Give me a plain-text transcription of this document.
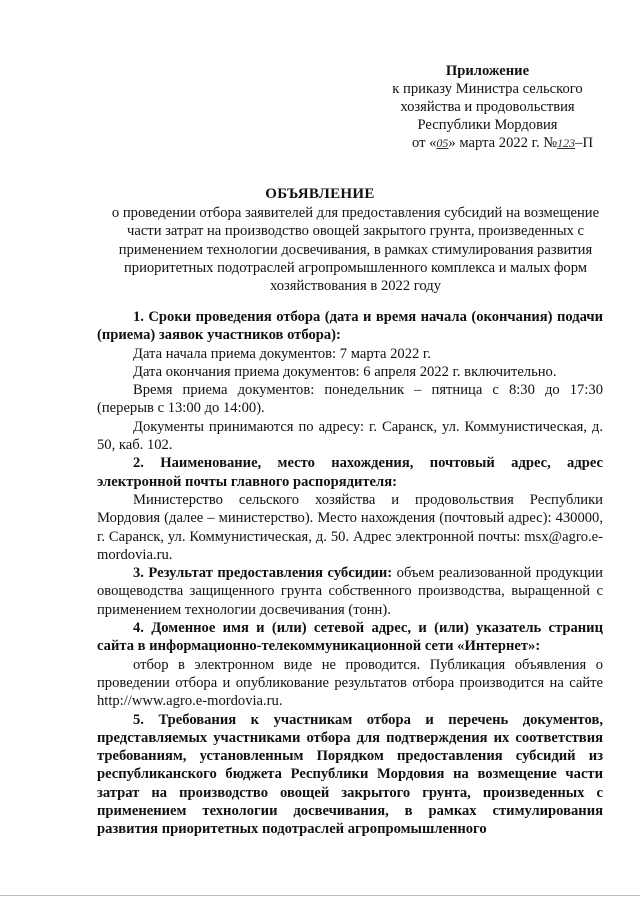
Приложение
к приказу Министра сельского
хозяйства и продовольствия
Республики Мордовия
от «05» марта 2022 г. №123–П
ОБЪЯВЛЕНИЕ
о проведении отбора заявителей для предоставления субсидий на возмещение части затрат на производство овощей закрытого грунта, произведенных с применением технологии досвечивания, в рамках стимулирования развития приоритетных подотраслей агропромышленного комплекса и малых форм хозяйствования в 2022 году

1. Сроки проведения отбора (дата и время начала (окончания) подачи (приема) заявок участников отбора):

Дата начала приема документов: 7 марта 2022 г.

Дата окончания приема документов: 6 апреля 2022 г. включительно.

Время приема документов: понедельник – пятница с 8:30 до 17:30 (перерыв с 13:00 до 14:00).

Документы принимаются по адресу: г. Саранск, ул. Коммунистическая, д. 50, каб. 102.

2. Наименование, место нахождения, почтовый адрес, адрес электронной почты главного распорядителя:

Министерство сельского хозяйства и продовольствия Республики Мордовия (далее – министерство). Место нахождения (почтовый адрес): 430000, г. Саранск, ул. Коммунистическая, д. 50. Адрес электронной почты: msx@agro.e-mordovia.ru.

3. Результат предоставления субсидии: объем реализованной продукции овощеводства защищенного грунта собственного производства, выращенной с применением технологии досвечивания (тонн).

4. Доменное имя и (или) сетевой адрес, и (или) указатель страниц сайта в информационно-телекоммуникационной сети «Интернет»:

отбор в электронном виде не проводится. Публикация объявления о проведении отбора и опубликование результатов отбора производится на сайте http://www.agro.e-mordovia.ru.

5. Требования к участникам отбора и перечень документов, представляемых участниками отбора для подтверждения их соответствия требованиям, установленным Порядком предоставления субсидий из республиканского бюджета Республики Мордовия на возмещение части затрат на производство овощей закрытого грунта, произведенных с применением технологии досвечивания, в рамках стимулирования развития приоритетных подотраслей агропромышленного
